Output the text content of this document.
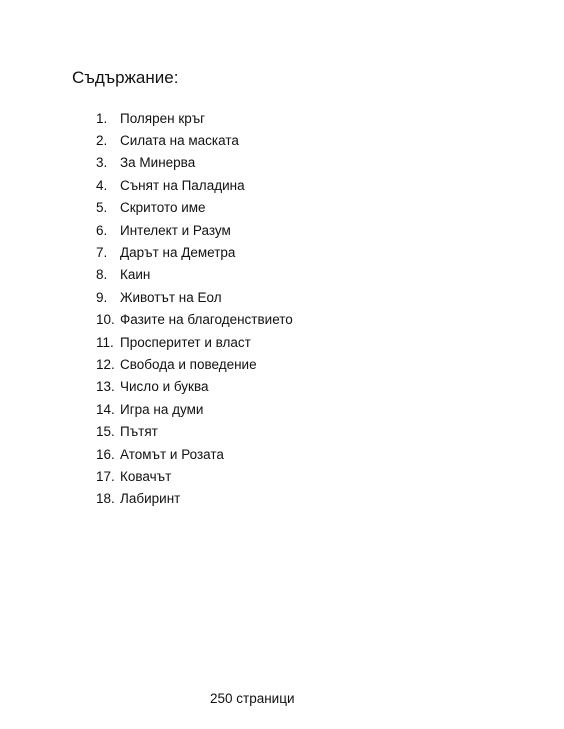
Съдържание:
1. Полярен кръг
2. Силата на маската
3. За Минерва
4. Сънят на Паладина
5. Скритото име
6. Интелект и Разум
7. Дарът на Деметра
8. Каин
9. Животът на Еол
10. Фазите на благоденствието
11. Просперитет и власт
12. Свобода и поведение
13. Число и буква
14. Игра на думи
15. Пътят
16. Атомът и Розата
17. Ковачът
18. Лабиринт
250 страници
